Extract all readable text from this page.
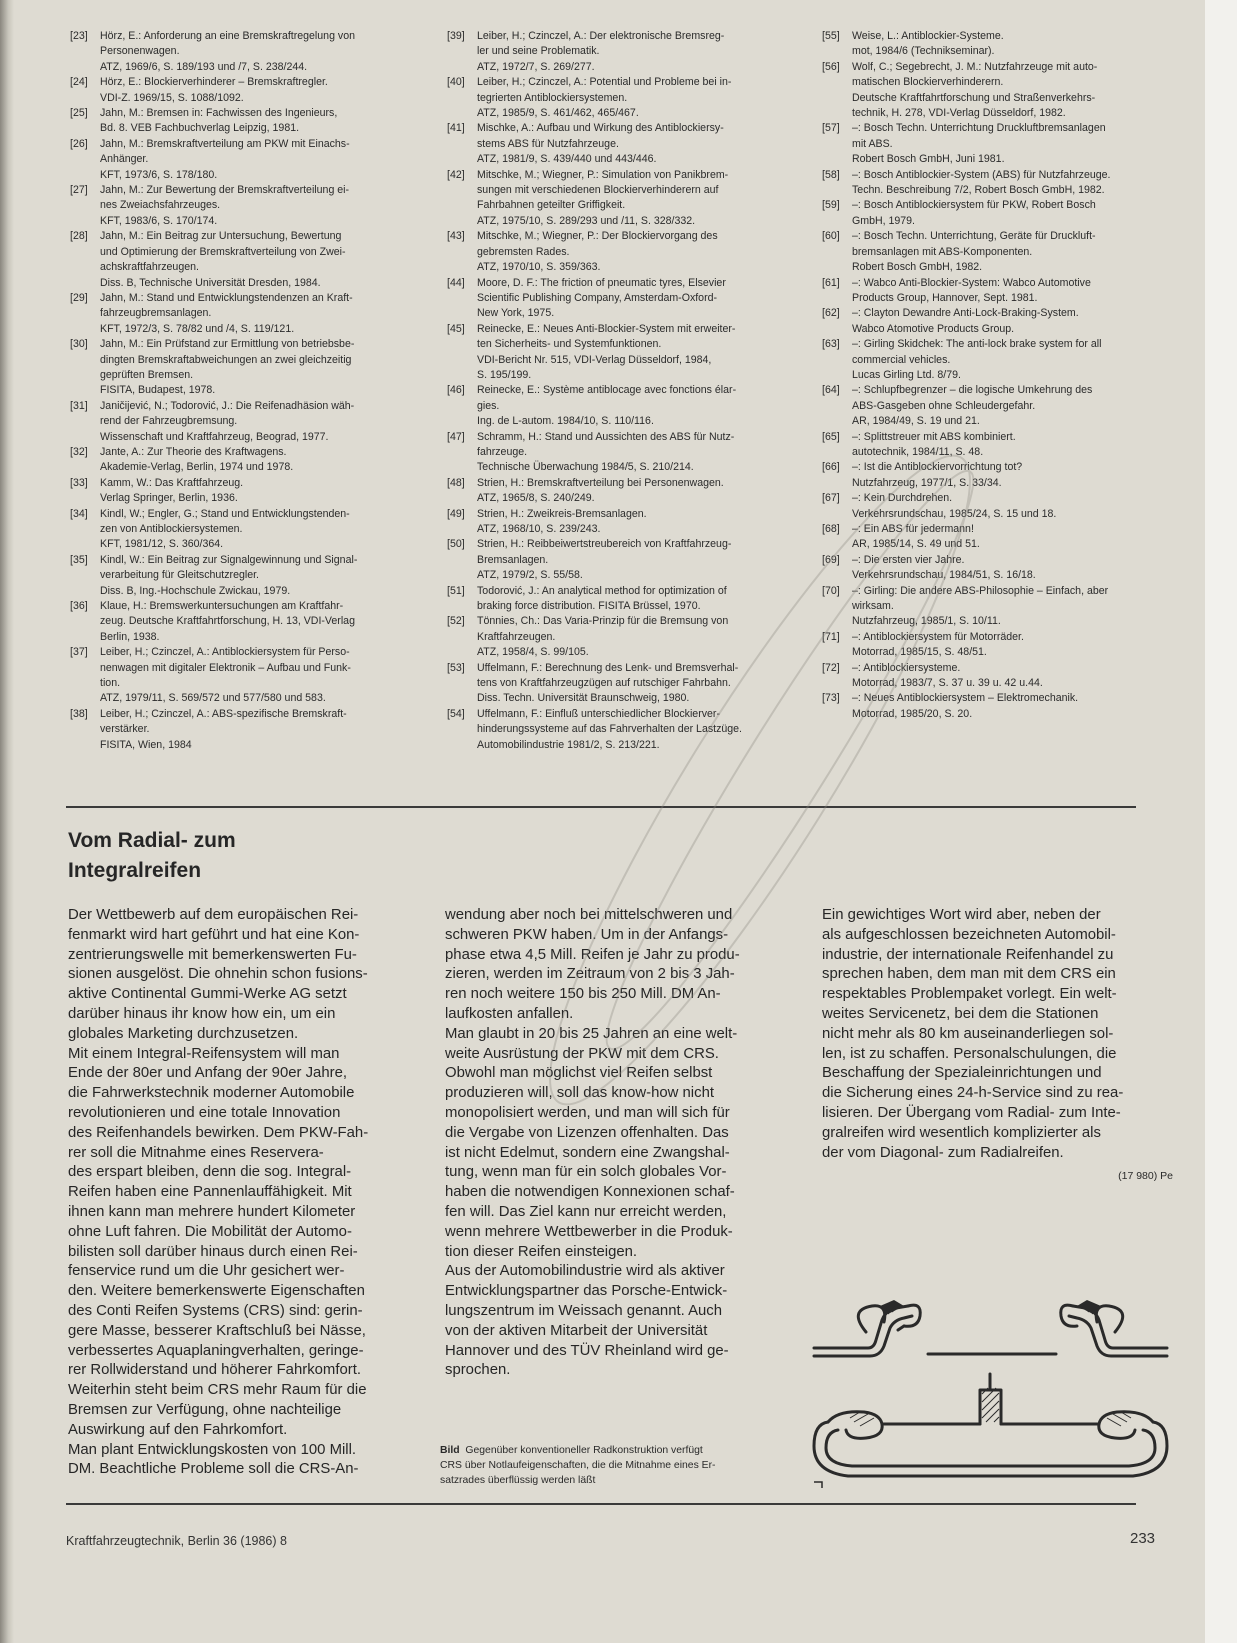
[23]	Hörz, E.: Anforderung an eine Bremskraftregelung von
Personenwagen.
ATZ, 1969/6, S. 189/193 und /7, S. 238/244.
[24]	Hörz, E.: Blockierverhinderer – Bremskraftregler.
VDI-Z. 1969/15, S. 1088/1092.
[25]	Jahn, M.: Bremsen in: Fachwissen des Ingenieurs,
Bd. 8. VEB Fachbuchverlag Leipzig, 1981.
[26]	Jahn, M.: Bremskraftverteilung am PKW mit Einachs-
Anhänger.
KFT, 1973/6, S. 178/180.
[27]	Jahn, M.: Zur Bewertung der Bremskraftverteilung ei-
nes Zweiachsfahrzeuges.
KFT, 1983/6, S. 170/174.
[28]	Jahn, M.: Ein Beitrag zur Untersuchung, Bewertung
und Optimierung der Bremskraftverteilung von Zwei-
achskraftfahrzeugen.
Diss. B, Technische Universität Dresden, 1984.
[29]	Jahn, M.: Stand und Entwicklungstendenzen an Kraft-
fahrzeugbremsanlagen.
KFT, 1972/3, S. 78/82 und /4, S. 119/121.
[30]	Jahn, M.: Ein Prüfstand zur Ermittlung von betriebsbe-
dingten Bremskraftabweichungen an zwei gleichzeitig
geprüften Bremsen.
FISITA, Budapest, 1978.
[31]	Janičijević, N.; Todorović, J.: Die Reifenadhäsion wäh-
rend der Fahrzeugbremsung.
Wissenschaft und Kraftfahrzeug, Beograd, 1977.
[32]	Jante, A.: Zur Theorie des Kraftwagens.
Akademie-Verlag, Berlin, 1974 und 1978.
[33]	Kamm, W.: Das Kraftfahrzeug.
Verlag Springer, Berlin, 1936.
[34]	Kindl, W.; Engler, G.; Stand und Entwicklungstenden-
zen von Antiblockiersystemen.
KFT, 1981/12, S. 360/364.
[35]	Kindl, W.: Ein Beitrag zur Signalgewinnung und Signal-
verarbeitung für Gleitschutzregler.
Diss. B, Ing.-Hochschule Zwickau, 1979.
[36]	Klaue, H.: Bremswerkuntersuchungen am Kraftfahr-
zeug. Deutsche Kraftfahrtforschung, H. 13, VDI-Verlag
Berlin, 1938.
[37]	Leiber, H.; Czinczel, A.: Antiblockiersystem für Perso-
nenwagen mit digitaler Elektronik – Aufbau und Funk-
tion.
ATZ, 1979/11, S. 569/572 und 577/580 und 583.
[38]	Leiber, H.; Czinczel, A.: ABS-spezifische Bremskraft-
verstärker.
FISITA, Wien, 1984
[39]	Leiber, H.; Czinczel, A.: Der elektronische Bremsreg-
ler und seine Problematik.
ATZ, 1972/7, S. 269/277.
[40]	Leiber, H.; Czinczel, A.: Potential und Probleme bei in-
tegrierten Antiblockiersystemen.
ATZ, 1985/9, S. 461/462, 465/467.
[41]	Mischke, A.: Aufbau und Wirkung des Antiblockiersy-
stems ABS für Nutzfahrzeuge.
ATZ, 1981/9, S. 439/440 und 443/446.
[42]	Mitschke, M.; Wiegner, P.: Simulation von Panikbrem-
sungen mit verschiedenen Blockierverhinderern auf
Fahrbahnen geteilter Griffigkeit.
ATZ, 1975/10, S. 289/293 und /11, S. 328/332.
[43]	Mitschke, M.; Wiegner, P.: Der Blockiervorgang des
gebremsten Rades.
ATZ, 1970/10, S. 359/363.
[44]	Moore, D. F.: The friction of pneumatic tyres, Elsevier
Scientific Publishing Company, Amsterdam-Oxford-
New York, 1975.
[45]	Reinecke, E.: Neues Anti-Blockier-System mit erweiter-
ten Sicherheits- und Systemfunktionen.
VDI-Bericht Nr. 515, VDI-Verlag Düsseldorf, 1984,
S. 195/199.
[46]	Reinecke, E.: Système antiblocage avec fonctions élar-
gies.
Ing. de L-autom. 1984/10, S. 110/116.
[47]	Schramm, H.: Stand und Aussichten des ABS für Nutz-
fahrzeuge.
Technische Überwachung 1984/5, S. 210/214.
[48]	Strien, H.: Bremskraftverteilung bei Personenwagen.
ATZ, 1965/8, S. 240/249.
[49]	Strien, H.: Zweikreis-Bremsanlagen.
ATZ, 1968/10, S. 239/243.
[50]	Strien, H.: Reibbeiwertstreubereich von Kraftfahrzeug-
Bremsanlagen.
ATZ, 1979/2, S. 55/58.
[51]	Todorović, J.: An analytical method for optimization of
braking force distribution. FISITA Brüssel, 1970.
[52]	Tönnies, Ch.: Das Varia-Prinzip für die Bremsung von
Kraftfahrzeugen.
ATZ, 1958/4, S. 99/105.
[53]	Uffelmann, F.: Berechnung des Lenk- und Bremsverhal-
tens von Kraftfahrzeugzügen auf rutschiger Fahrbahn.
Diss. Techn. Universität Braunschweig, 1980.
[54]	Uffelmann, F.: Einfluß unterschiedlicher Blockierver-
hinderungssysteme auf das Fahrverhalten der Lastzüge.
Automobilindustrie 1981/2, S. 213/221.
[55]	Weise, L.: Antiblockier-Systeme.
mot, 1984/6 (Technikseminar).
[56]	Wolf, C.; Segebrecht, J. M.: Nutzfahrzeuge mit auto-
matischen Blockierverhinderern.
Deutsche Kraftfahrtforschung und Straßenverkehrs-
technik, H. 278, VDI-Verlag Düsseldorf, 1982.
[57]	–: Bosch Techn. Unterrichtung Druckluftbremsanlagen
mit ABS.
Robert Bosch GmbH, Juni 1981.
[58]	–: Bosch Antiblockier-System (ABS) für Nutzfahrzeuge.
Techn. Beschreibung 7/2, Robert Bosch GmbH, 1982.
[59]	–: Bosch Antiblockiersystem für PKW, Robert Bosch
GmbH, 1979.
[60]	–: Bosch Techn. Unterrichtung, Geräte für Druckluft-
bremsanlagen mit ABS-Komponenten.
Robert Bosch GmbH, 1982.
[61]	–: Wabco Anti-Blockier-System: Wabco Automotive
Products Group, Hannover, Sept. 1981.
[62]	–: Clayton Dewandre Anti-Lock-Braking-System.
Wabco Atomotive Products Group.
[63]	–: Girling Skidchek: The anti-lock brake system for all
commercial vehicles.
Lucas Girling Ltd. 8/79.
[64]	–: Schlupfbegrenzer – die logische Umkehrung des
ABS-Gasgeben ohne Schleudergefahr.
AR, 1984/49, S. 19 und 21.
[65]	–: Splittstreuer mit ABS kombiniert.
autotechnik, 1984/11, S. 48.
[66]	–: Ist die Antiblockiervorrichtung tot?
Nutzfahrzeug, 1977/1, S. 33/34.
[67]	–: Kein Durchdrehen.
Verkehrsrundschau, 1985/24, S. 15 und 18.
[68]	–: Ein ABS für jedermann!
AR, 1985/14, S. 49 und 51.
[69]	–: Die ersten vier Jahre.
Verkehrsrundschau, 1984/51, S. 16/18.
[70]	–: Girling: Die andere ABS-Philosophie – Einfach, aber
wirksam.
Nutzfahrzeug, 1985/1, S. 10/11.
[71]	–: Antiblockiersystem für Motorräder.
Motorrad, 1985/15, S. 48/51.
[72]	–: Antiblockiersysteme.
Motorrad, 1983/7, S. 37 u. 39 u. 42 u.44.
[73]	–: Neues Antiblockiersystem – Elektromechanik.
Motorrad, 1985/20, S. 20.
Vom Radial- zum
Integralreifen
Der Wettbewerb auf dem europäischen Rei-
fenmarkt wird hart geführt und hat eine Kon-
zentrierungswelle mit bemerkenswerten Fu-
sionen ausgelöst. Die ohnehin schon fusions-
aktive Continental Gummi-Werke AG setzt
darüber hinaus ihr know how ein, um ein
globales Marketing durchzusetzen.
Mit einem Integral-Reifensystem will man
Ende der 80er und Anfang der 90er Jahre,
die Fahrwerkstechnik moderner Automobile
revolutionieren und eine totale Innovation
des Reifenhandels bewirken. Dem PKW-Fah-
rer soll die Mitnahme eines Reservera-
des erspart bleiben, denn die sog. Integral-
Reifen haben eine Pannenlauffähigkeit. Mit
ihnen kann man mehrere hundert Kilometer
ohne Luft fahren. Die Mobilität der Automo-
bilisten soll darüber hinaus durch einen Rei-
fenservice rund um die Uhr gesichert wer-
den. Weitere bemerkenswerte Eigenschaften
des Conti Reifen Systems (CRS) sind: gerin-
gere Masse, besserer Kraftschluß bei Nässe,
verbessertes Aquaplaningverhalten, geringe-
rer Rollwiderstand und höherer Fahrkomfort.
Weiterhin steht beim CRS mehr Raum für die
Bremsen zur Verfügung, ohne nachteilige
Auswirkung auf den Fahrkomfort.
Man plant Entwicklungskosten von 100 Mill.
DM. Beachtliche Probleme soll die CRS-An-
wendung aber noch bei mittelschweren und
schweren PKW haben. Um in der Anfangs-
phase etwa 4,5 Mill. Reifen je Jahr zu produ-
zieren, werden im Zeitraum von 2 bis 3 Jah-
ren noch weitere 150 bis 250 Mill. DM An-
laufkosten anfallen.
Man glaubt in 20 bis 25 Jahren an eine welt-
weite Ausrüstung der PKW mit dem CRS.
Obwohl man möglichst viel Reifen selbst
produzieren will, soll das know-how nicht
monopolisiert werden, und man will sich für
die Vergabe von Lizenzen offenhalten. Das
ist nicht Edelmut, sondern eine Zwangshal-
tung, wenn man für ein solch globales Vor-
haben die notwendigen Konnexionen schaf-
fen will. Das Ziel kann nur erreicht werden,
wenn mehrere Wettbewerber in die Produk-
tion dieser Reifen einsteigen.
Aus der Automobilindustrie wird als aktiver
Entwicklungspartner das Porsche-Entwick-
lungszentrum im Weissach genannt. Auch
von der aktiven Mitarbeit der Universität
Hannover und des TÜV Rheinland wird ge-
sprochen.
Ein gewichtiges Wort wird aber, neben der
als aufgeschlossen bezeichneten Automobil-
industrie, der internationale Reifenhandel zu
sprechen haben, dem man mit dem CRS ein
respektables Problempaket vorlegt. Ein welt-
weites Servicenetz, bei dem die Stationen
nicht mehr als 80 km auseinanderliegen sol-
len, ist zu schaffen. Personalschulungen, die
Beschaffung der Spezialeinrichtungen und
die Sicherung eines 24-h-Service sind zu rea-
lisieren. Der Übergang vom Radial- zum Inte-
gralreifen wird wesentlich komplizierter als
der vom Diagonal- zum Radialreifen.
(17 980) Pe
Bild Gegenüber konventioneller Radkonstruktion verfügt
CRS über Notlaufeigenschaften, die die Mitnahme eines Er-
satzrades überflüssig werden läßt
Kraftfahrzeugtechnik, Berlin 36 (1986) 8	233
